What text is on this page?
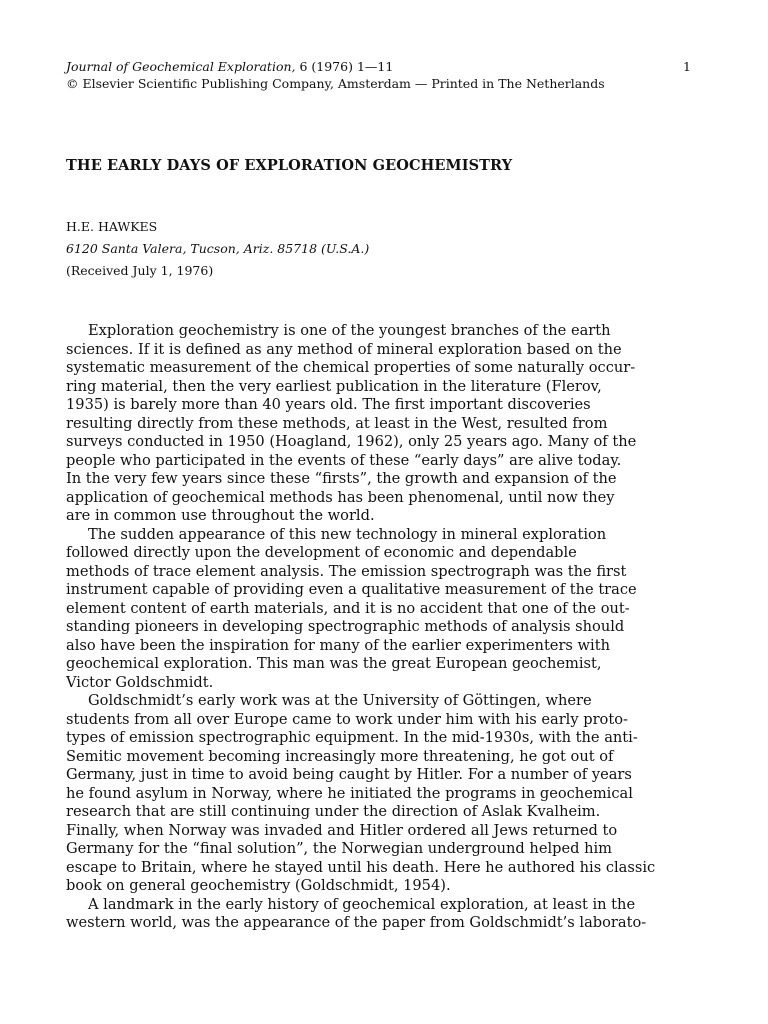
Journal of Geochemical Exploration, 6 (1976) 1—11	1
© Elsevier Scientific Publishing Company, Amsterdam — Printed in The Netherlands
THE EARLY DAYS OF EXPLORATION GEOCHEMISTRY
H.E. HAWKES
6120 Santa Valera, Tucson, Ariz. 85718 (U.S.A.)
(Received July 1, 1976)
Exploration geochemistry is one of the youngest branches of the earth
sciences. If it is defined as any method of mineral exploration based on the
systematic measurement of the chemical properties of some naturally occur-
ring material, then the very earliest publication in the literature (Flerov,
1935) is barely more than 40 years old. The first important discoveries
resulting directly from these methods, at least in the West, resulted from
surveys conducted in 1950 (Hoagland, 1962), only 25 years ago. Many of the
people who participated in the events of these “early days” are alive today.
In the very few years since these “firsts”, the growth and expansion of the
application of geochemical methods has been phenomenal, until now they
are in common use throughout the world.
The sudden appearance of this new technology in mineral exploration
followed directly upon the development of economic and dependable
methods of trace element analysis. The emission spectrograph was the first
instrument capable of providing even a qualitative measurement of the trace
element content of earth materials, and it is no accident that one of the out-
standing pioneers in developing spectrographic methods of analysis should
also have been the inspiration for many of the earlier experimenters with
geochemical exploration. This man was the great European geochemist,
Victor Goldschmidt.
Goldschmidt’s early work was at the University of Göttingen, where
students from all over Europe came to work under him with his early proto-
types of emission spectrographic equipment. In the mid-1930s, with the anti-
Semitic movement becoming increasingly more threatening, he got out of
Germany, just in time to avoid being caught by Hitler. For a number of years
he found asylum in Norway, where he initiated the programs in geochemical
research that are still continuing under the direction of Aslak Kvalheim.
Finally, when Norway was invaded and Hitler ordered all Jews returned to
Germany for the “final solution”, the Norwegian underground helped him
escape to Britain, where he stayed until his death. Here he authored his classic
book on general geochemistry (Goldschmidt, 1954).
A landmark in the early history of geochemical exploration, at least in the
western world, was the appearance of the paper from Goldschmidt’s laborato-
